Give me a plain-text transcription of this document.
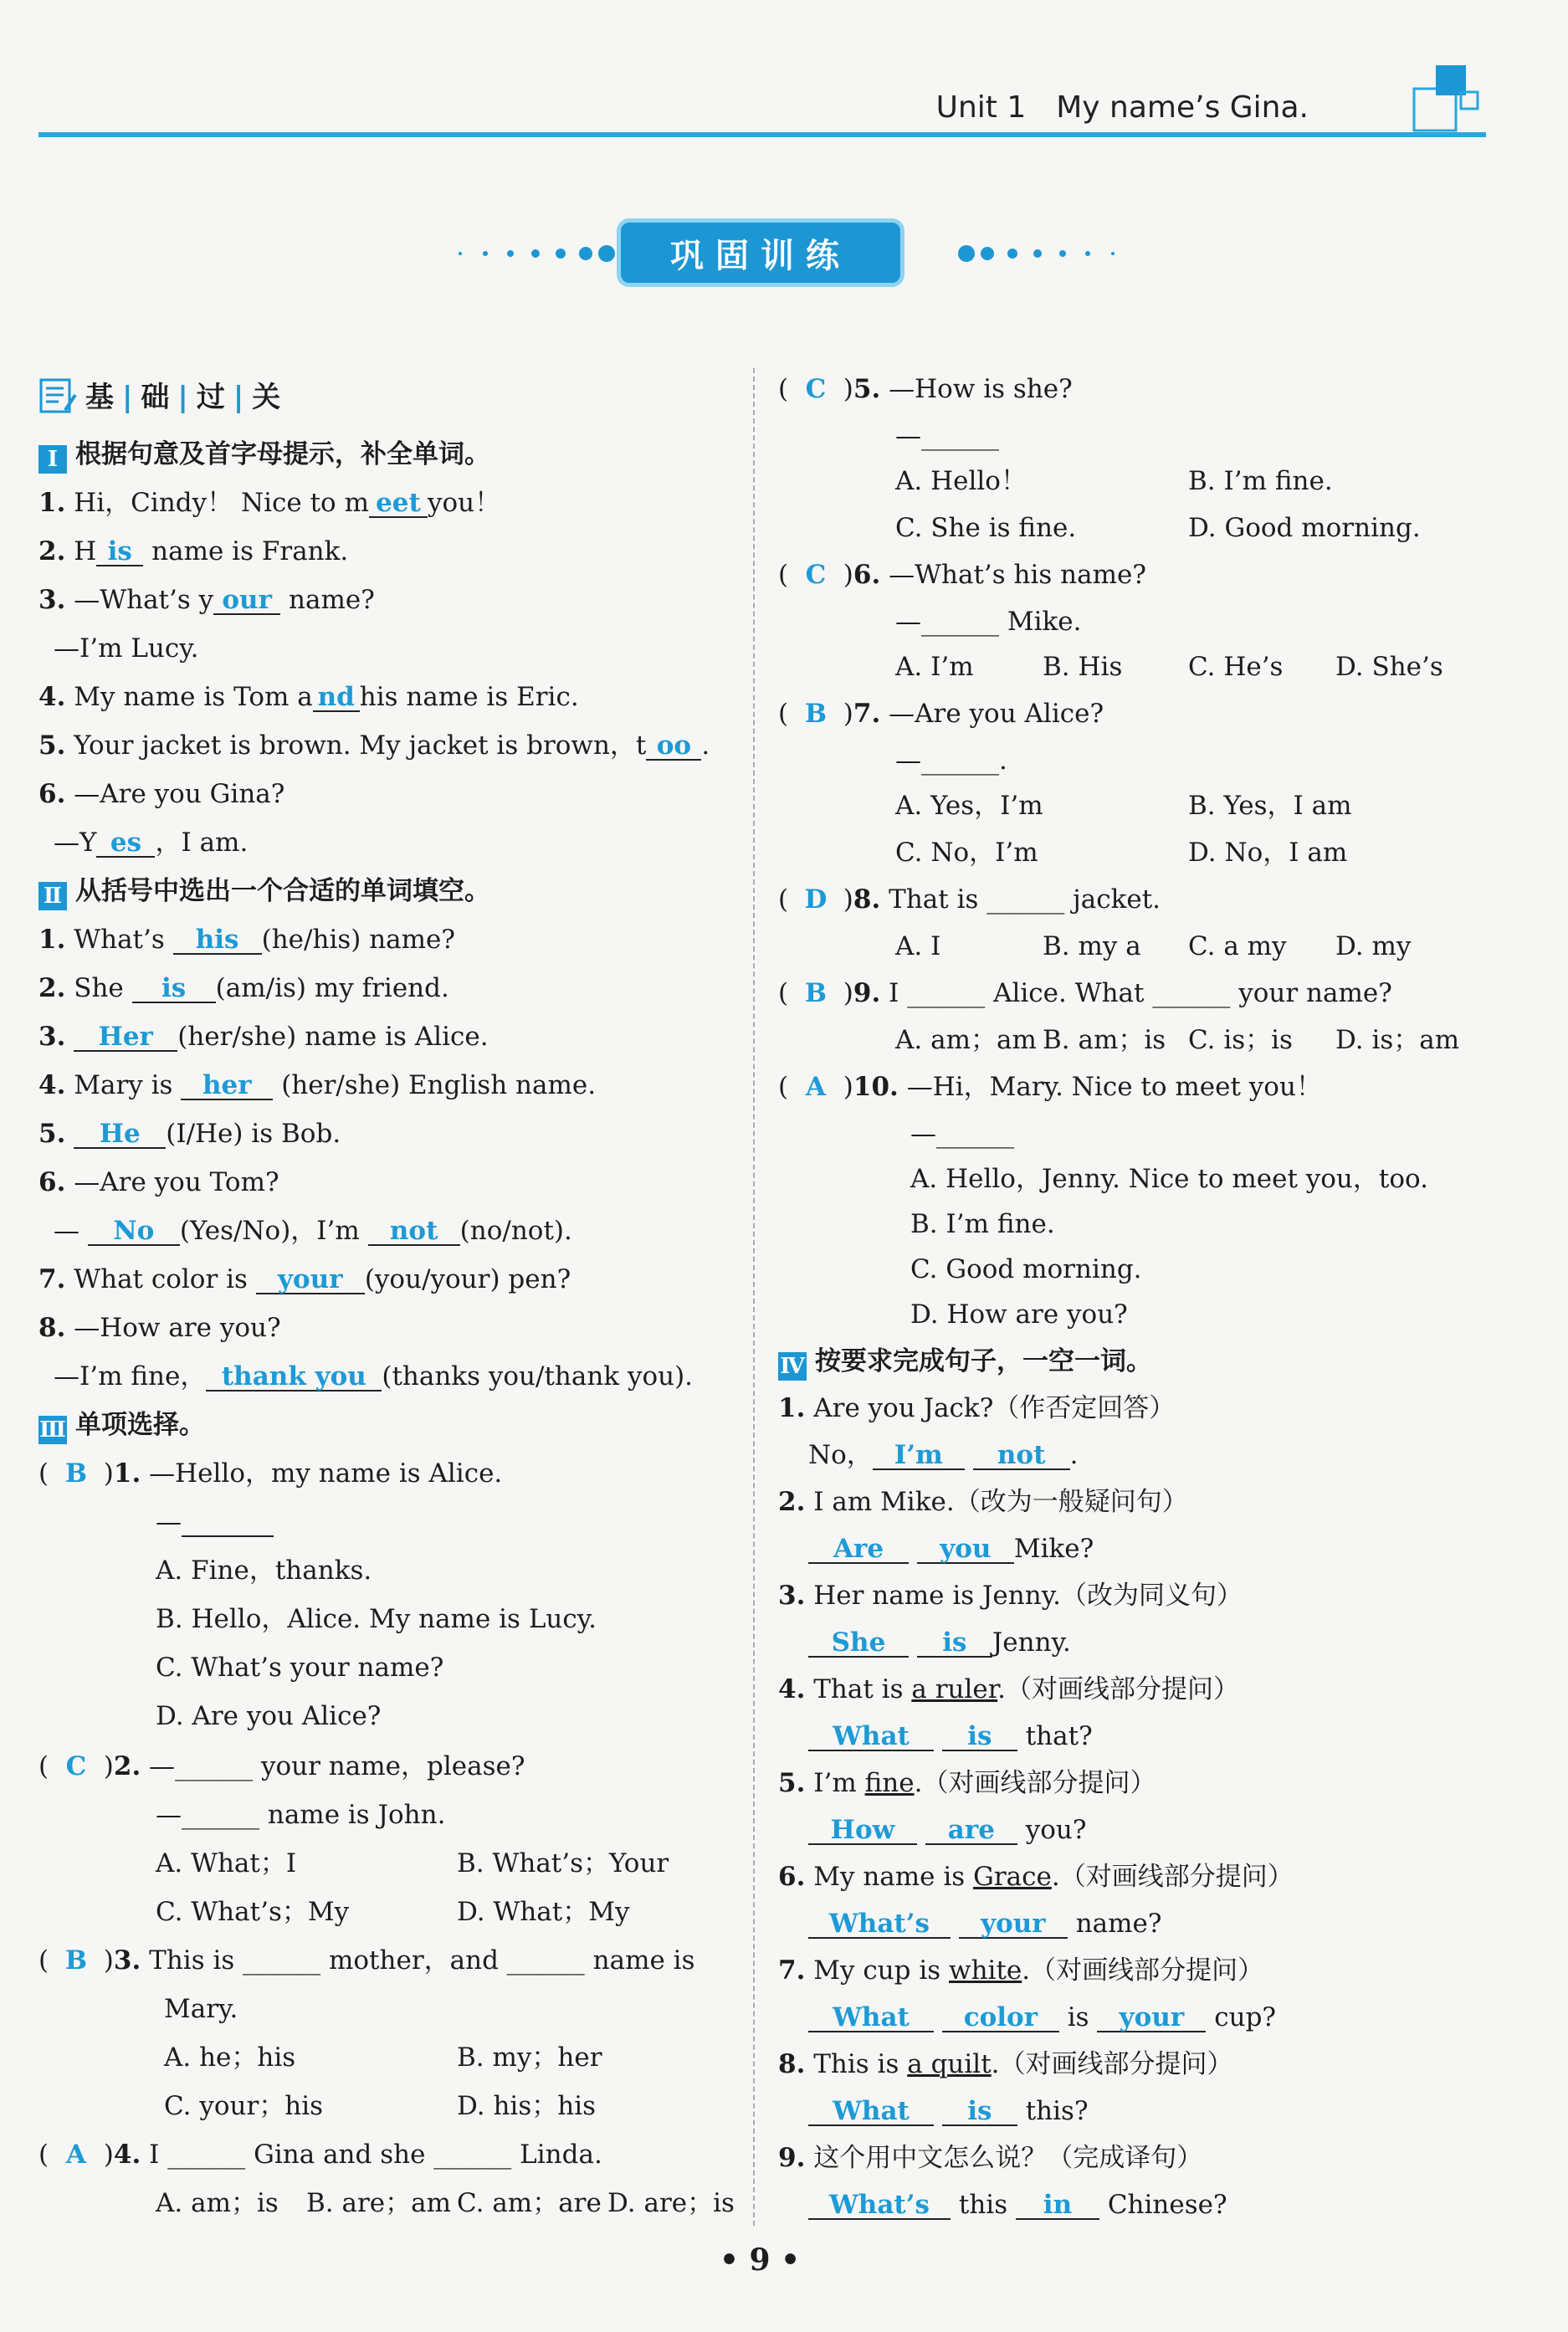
Unit 1 My name’s Gina.
巩固训练
基 | 础 | 过 | 关
Ⅰ 根据句意及首字母提示，补全单词。
1. Hi，Cindy！ Nice to m eet you！
2. H is name is Frank.
3. —What’s y our name?
—I’m Lucy.
4. My name is Tom a nd his name is Eric.
5. Your jacket is brown. My jacket is brown，t oo .
6. —Are you Gina?
—Y es ，I am.
Ⅱ 从括号中选出一个合适的单词填空。
1. What’s his (he/his) name?
2. She is (am/is) my friend.
3. Her (her/she) name is Alice.
4. Mary is her (her/she) English name.
5. He (I/He) is Bob.
6. —Are you Tom?
— No (Yes/No)，I’m not (no/not).
7. What color is your (you/your) pen?
8. —How are you?
—I’m fine， thank you (thanks you/thank you).
Ⅲ 单项选择。
( B )1. —Hello，my name is Alice.
—
A. Fine，thanks.
B. Hello，Alice. My name is Lucy.
C. What’s your name?
D. Are you Alice?
( C )2. —______ your name，please?
—______ name is John.
A. What；I	B. What’s；Your
C. What’s；My	D. What；My
( B )3. This is ______ mother，and ______ name is
Mary.
A. he；his	B. my；her
C. your；his	D. his；his
( A )4. I ______ Gina and she ______ Linda.
A. am；is B. are；am C. am；are D. are；is
( C )5. —How is she?
—______
A. Hello！	B. I’m fine.
C. She is fine.	D. Good morning.
( C )6. —What’s his name?
—______ Mike.
A. I’m	B. His	C. He’s D. She’s
( B )7. —Are you Alice?
—______.
A. Yes，I’m	B. Yes，I am
C. No，I’m	D. No，I am
( D )8. That is ______ jacket.
A. I	B. my a C. a my D. my
( B )9. I ______ Alice. What ______ your name?
A. am；am B. am；is C. is；is D. is；am
( A )10. —Hi，Mary. Nice to meet you！
—______
A. Hello，Jenny. Nice to meet you，too.
B. I’m fine.
C. Good morning.
D. How are you?
Ⅳ 按要求完成句子，一空一词。
1. Are you Jack?（作否定回答）
No， I’m not .
2. I am Mike.（改为一般疑问句）
Are you Mike?
3. Her name is Jenny.（改为同义句）
She is Jenny.
4. That is a ruler.（对画线部分提问）
What is that?
5. I’m fine.（对画线部分提问）
How are you?
6. My name is Grace.（对画线部分提问）
What’s your name?
7. My cup is white.（对画线部分提问）
What color is your cup?
8. This is a quilt.（对画线部分提问）
What is this?
9. 这个用中文怎么说？（完成译句）
What’s this in Chinese?
• 9 •
